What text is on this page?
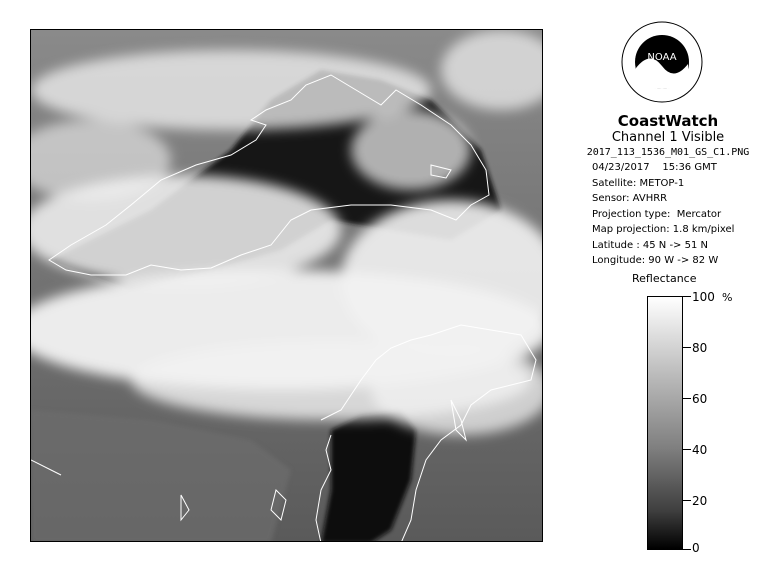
NOAA
CoastWatch
Channel 1 Visible
2017_113_1536_M01_GS_C1.PNG
04/23/2017    15:36 GMT
Satellite: METOP-1
Sensor: AVHRR
Projection type:  Mercator
Map projection: 1.8 km/pixel
Latitude : 45 N -> 51 N
Longitude: 90 W -> 82 W
Reflectance
%
100
80
60
40
20
0
